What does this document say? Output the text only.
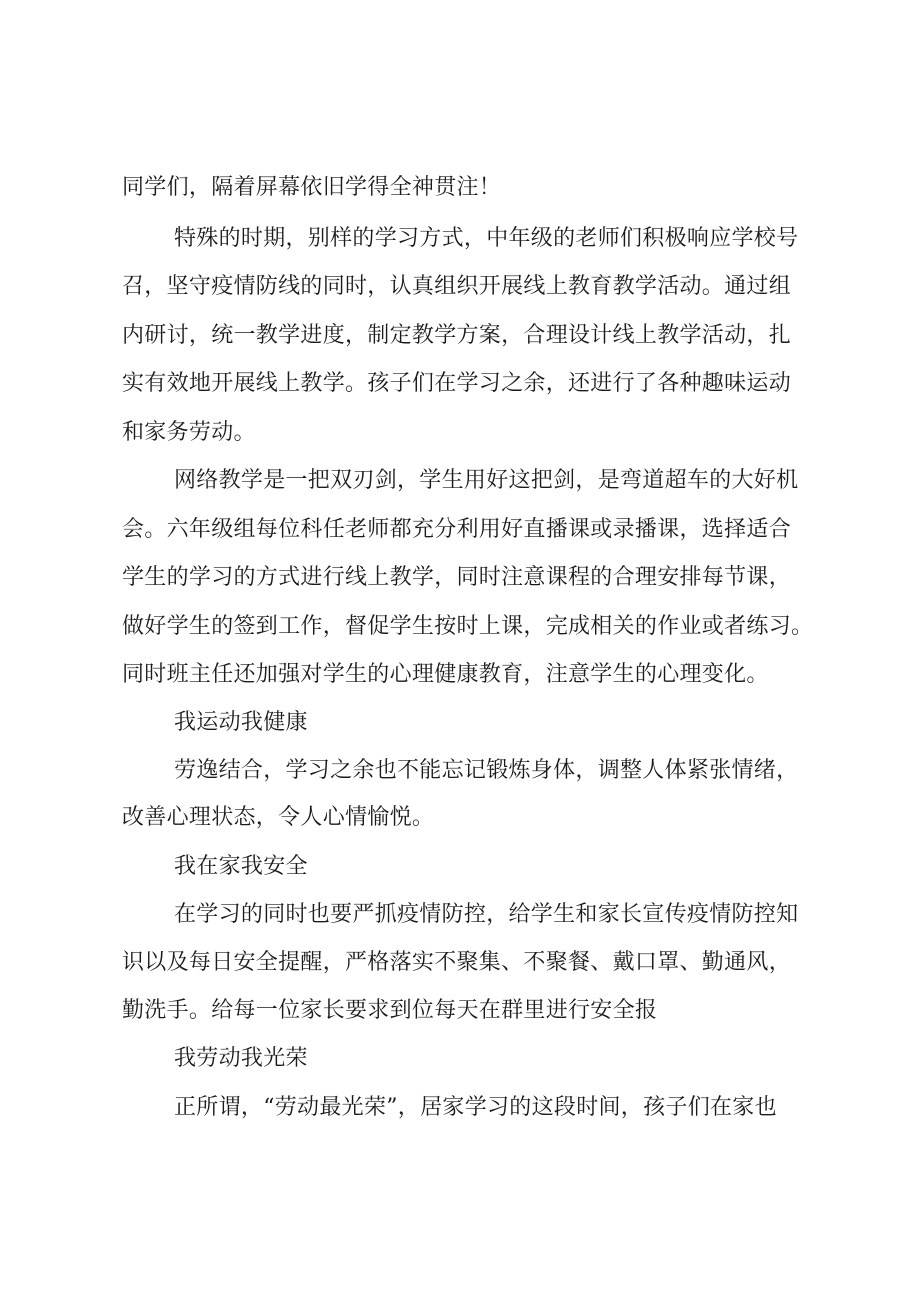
同学们，隔着屏幕依旧学得全神贯注！
特殊的时期，别样的学习方式，中年级的老师们积极响应学校号
召，坚守疫情防线的同时，认真组织开展线上教育教学活动。通过组
内研讨，统一教学进度，制定教学方案，合理设计线上教学活动，扎
实有效地开展线上教学。孩子们在学习之余，还进行了各种趣味运动
和家务劳动。
网络教学是一把双刃剑，学生用好这把剑，是弯道超车的大好机
会。六年级组每位科任老师都充分利用好直播课或录播课，选择适合
学生的学习的方式进行线上教学，同时注意课程的合理安排每节课，
做好学生的签到工作，督促学生按时上课，完成相关的作业或者练习。
同时班主任还加强对学生的心理健康教育，注意学生的心理变化。
我运动我健康
劳逸结合，学习之余也不能忘记锻炼身体，调整人体紧张情绪，
改善心理状态，令人心情愉悦。
我在家我安全
在学习的同时也要严抓疫情防控，给学生和家长宣传疫情防控知
识以及每日安全提醒，严格落实不聚集、不聚餐、戴口罩、勤通风，
勤洗手。给每一位家长要求到位每天在群里进行安全报
我劳动我光荣
正所谓，“劳动最光荣”，居家学习的这段时间，孩子们在家也
